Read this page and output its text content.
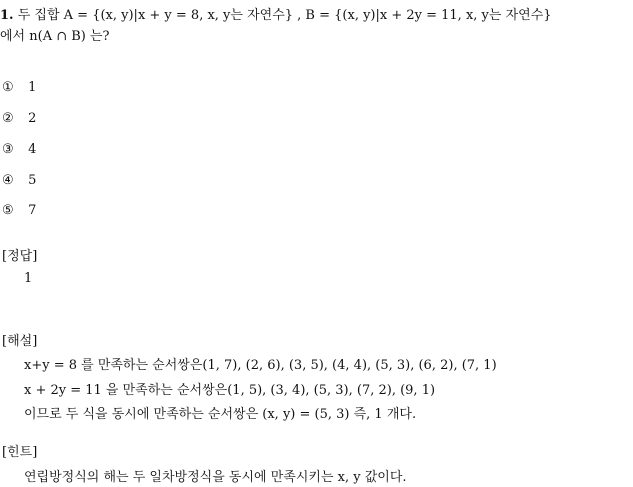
1. 두 집합 A = {(x, y)|x + y = 8, x, y는 자연수} , B = {(x, y)|x + 2y = 11, x, y는 자연수}
에서 n(A ∩ B) 는?
① 1
② 2
③ 4
④ 5
⑤ 7
[정답]
1
[해설]
x+y = 8 를 만족하는 순서쌍은(1, 7), (2, 6), (3, 5), (4, 4), (5, 3), (6, 2), (7, 1)
x + 2y = 11 을 만족하는 순서쌍은(1, 5), (3, 4), (5, 3), (7, 2), (9, 1)
이므로 두 식을 동시에 만족하는 순서쌍은 (x, y) = (5, 3) 즉, 1 개다.
[힌트]
연립방정식의 해는 두 일차방정식을 동시에 만족시키는 x, y 값이다.
